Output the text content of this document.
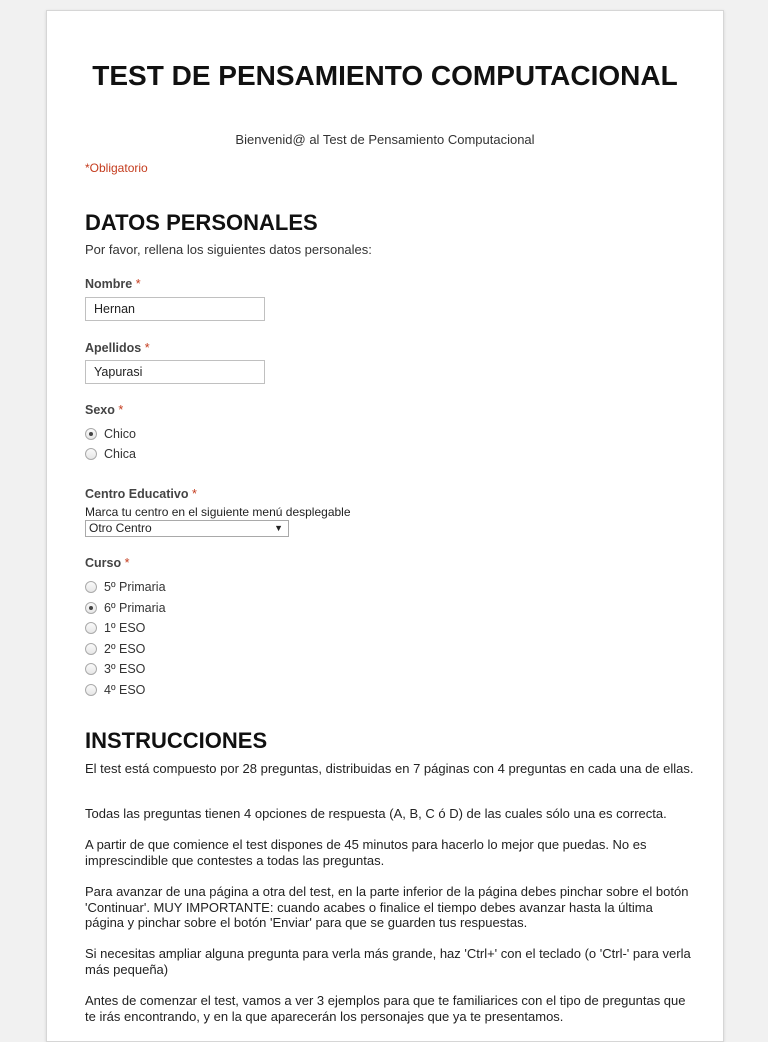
TEST DE PENSAMIENTO COMPUTACIONAL
Bienvenid@ al Test de Pensamiento Computacional
*Obligatorio
DATOS PERSONALES
Por favor, rellena los siguientes datos personales:
Nombre *
Hernan
Apellidos *
Yapurasi
Sexo *
Chico
Chica
Centro Educativo *
Marca tu centro en el siguiente menú desplegable
Otro Centro	▼
Curso *
5º Primaria
6º Primaria
1º ESO
2º ESO
3º ESO
4º ESO
INSTRUCCIONES

El test está compuesto por 28 preguntas, distribuidas en 7 páginas con 4 preguntas en cada una de ellas.

Todas las preguntas tienen 4 opciones de respuesta (A, B, C ó D) de las cuales sólo una es correcta.

A partir de que comience el test dispones de 45 minutos para hacerlo lo mejor que puedas. No es imprescindible que contestes a todas las preguntas.

Para avanzar de una página a otra del test, en la parte inferior de la página debes pinchar sobre el botón 'Continuar'. MUY IMPORTANTE: cuando acabes o finalice el tiempo debes avanzar hasta la última página y pinchar sobre el botón 'Enviar' para que se guarden tus respuestas.

Si necesitas ampliar alguna pregunta para verla más grande, haz 'Ctrl+' con el teclado (o 'Ctrl-' para verla más pequeña)

Antes de comenzar el test, vamos a ver 3 ejemplos para que te familiarices con el tipo de preguntas que te irás encontrando, y en la que aparecerán los personajes que ya te presentamos.
